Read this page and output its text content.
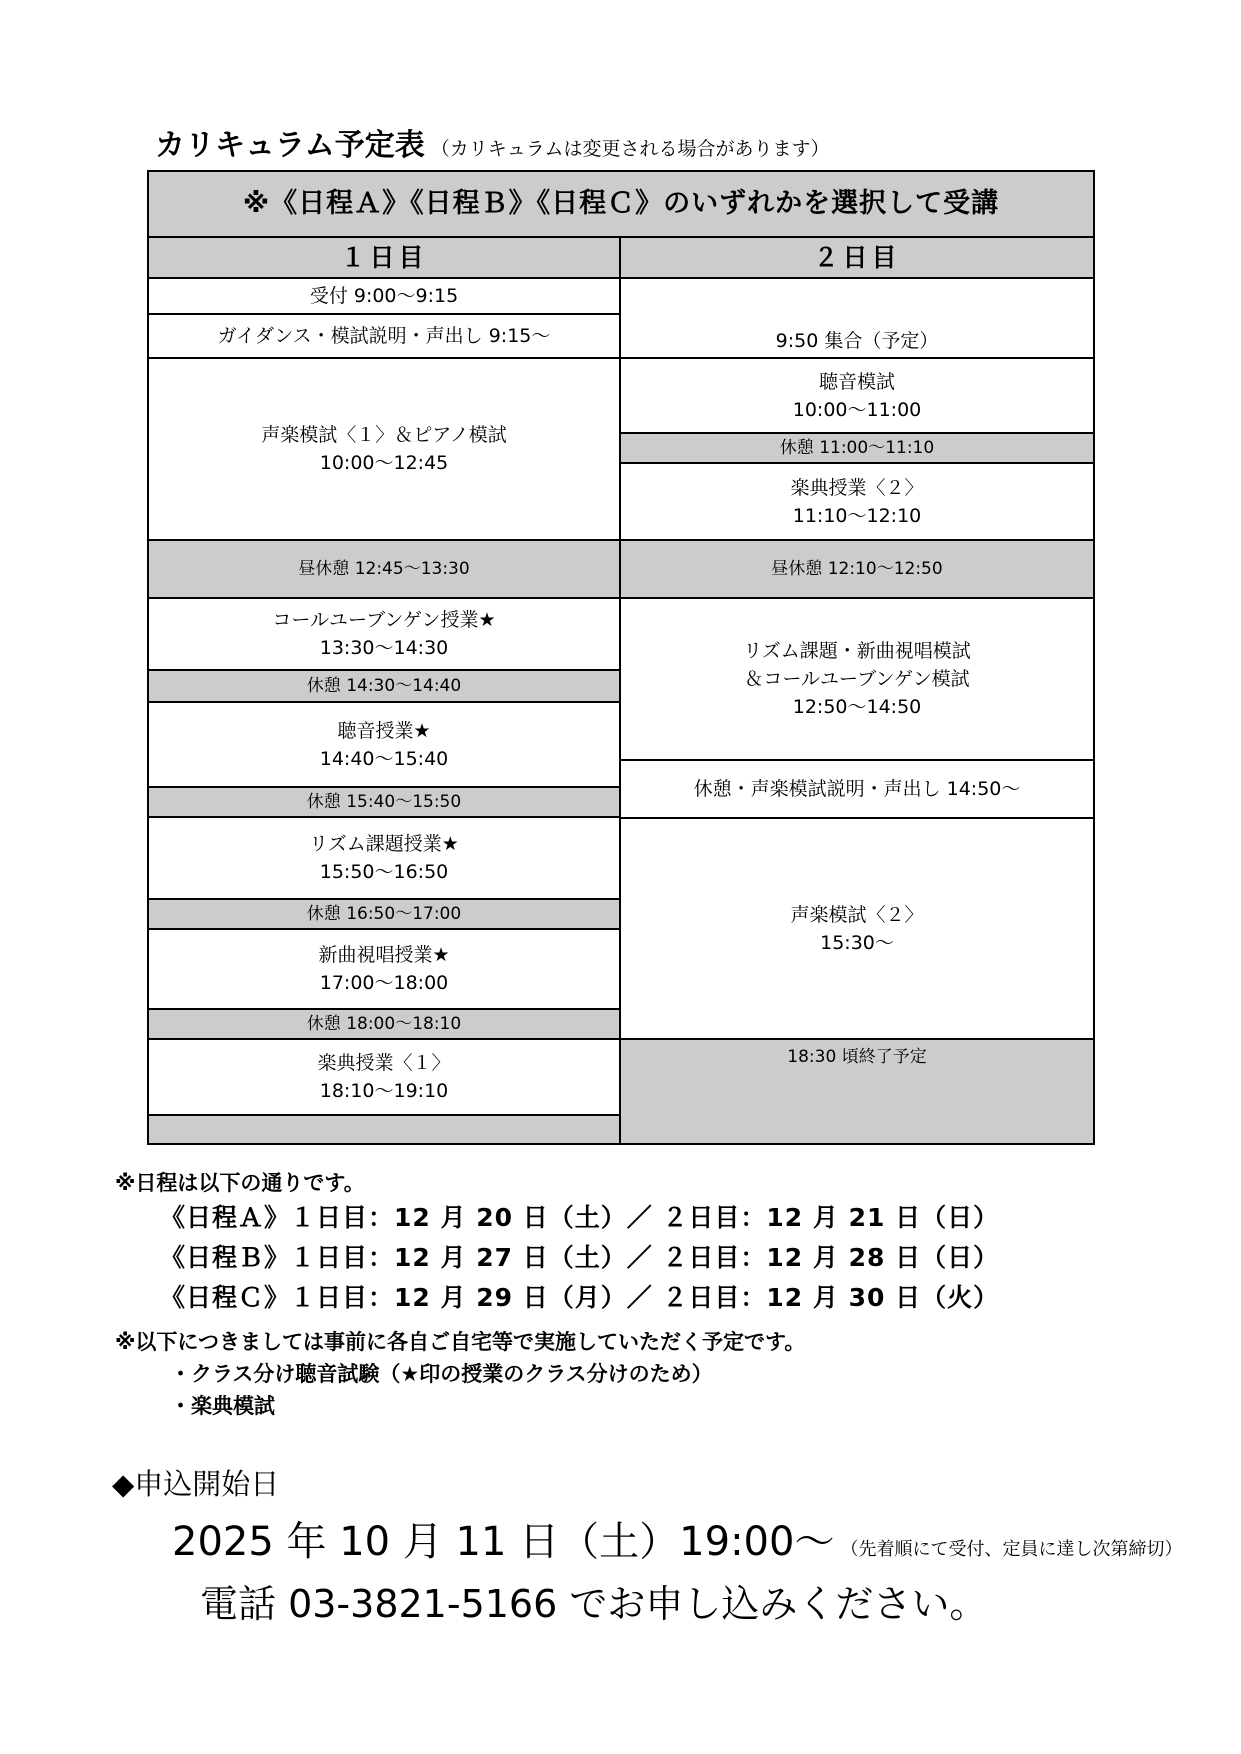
カリキュラム予定表 （カリキュラムは変更される場合があります）
※《日程Ａ》《日程Ｂ》《日程Ｃ》のいずれかを選択して受講
１日目	２日目
受付 9:00～9:15
ガイダンス・模試説明・声出し 9:15～
声楽模試〈１〉＆ピアノ模試
10:00～12:45
昼休憩 12:45～13:30
コールユーブンゲン授業★
13:30～14:30
休憩 14:30～14:40
聴音授業★
14:40～15:40
休憩 15:40～15:50
リズム課題授業★
15:50～16:50
休憩 16:50～17:00
新曲視唱授業★
17:00～18:00
休憩 18:00～18:10
楽典授業〈１〉
18:10～19:10
9:50 集合（予定）
聴音模試
10:00～11:00
休憩 11:00～11:10
楽典授業〈２〉
11:10～12:10
昼休憩 12:10～12:50
リズム課題・新曲視唱模試
＆コールユーブンゲン模試
12:50～14:50
休憩・声楽模試説明・声出し 14:50～
声楽模試〈２〉
15:30～
18:30 頃終了予定
※日程は以下の通りです。
《日程Ａ》１日目：12 月 20 日（土）／ ２日目：12 月 21 日（日）
《日程Ｂ》１日目：12 月 27 日（土）／ ２日目：12 月 28 日（日）
《日程Ｃ》１日目：12 月 29 日（月）／ ２日目：12 月 30 日（火）
※以下につきましては事前に各自ご自宅等で実施していただく予定です。
・クラス分け聴音試験（★印の授業のクラス分けのため）
・楽典模試
◆申込開始日
2025 年 10 月 11 日（土）19:00～ （先着順にて受付、定員に達し次第締切）
電話 03-3821-5166 でお申し込みください。
